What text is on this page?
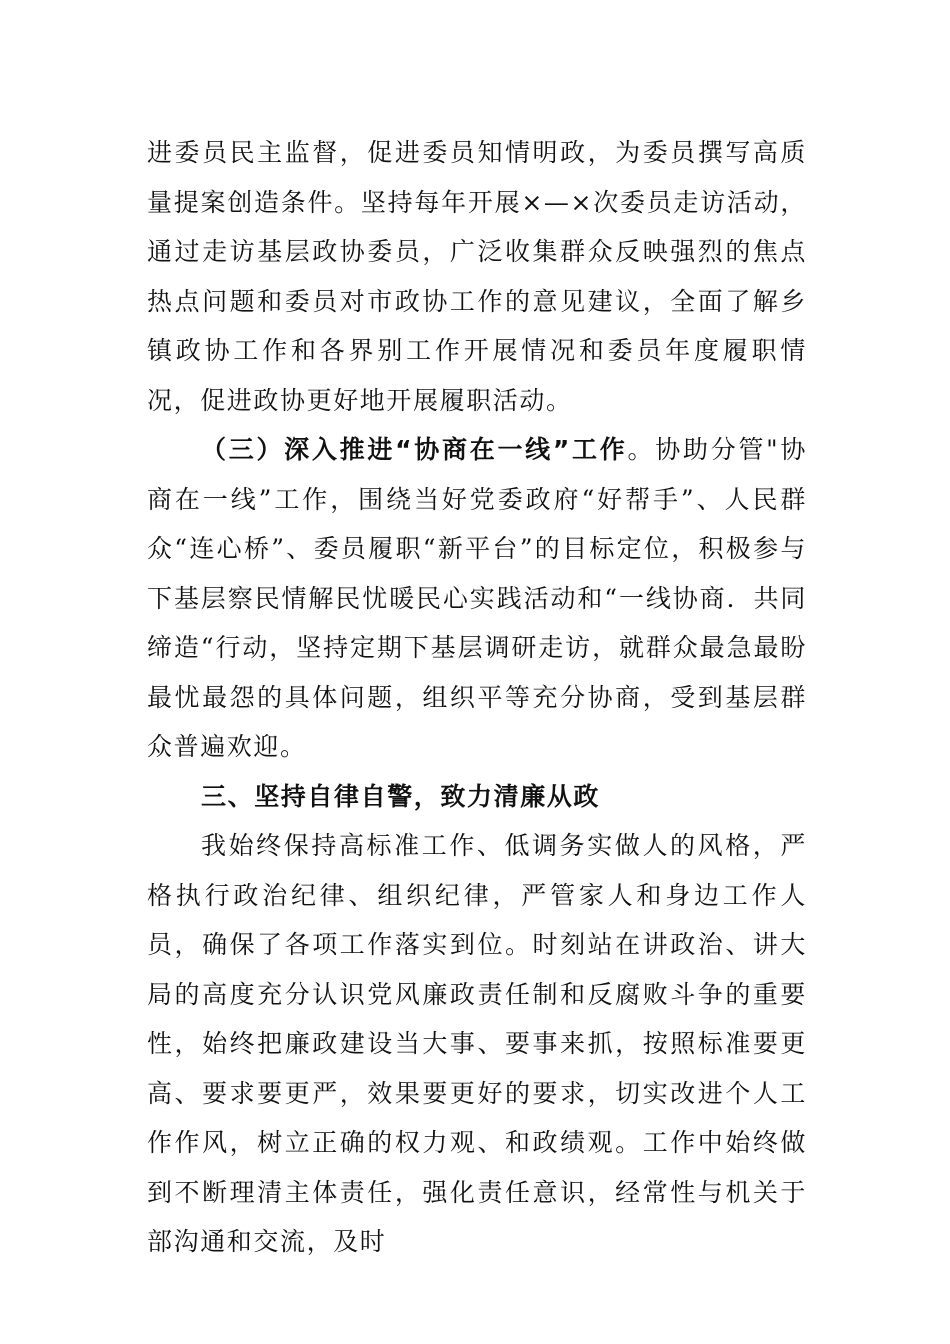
进委员民主监督，促进委员知情明政，为委员撰写高质量提案创造条件。坚持每年开展×—×次委员走访活动，通过走访基层政协委员，广泛收集群众反映强烈的焦点热点问题和委员对市政协工作的意见建议，全面了解乡镇政协工作和各界别工作开展情况和委员年度履职情况，促进政协更好地开展履职活动。

（三）深入推进“协商在一线”工作。协助分管"协商在一线”工作，围绕当好党委政府“好帮手”、人民群众“连心桥”、委员履职“新平台”的目标定位，积极参与下基层察民情解民忧暖民心实践活动和“一线协商．共同缔造“行动，坚持定期下基层调研走访，就群众最急最盼最忧最怨的具体问题，组织平等充分协商，受到基层群众普遍欢迎。

三、坚持自律自警，致力清廉从政

我始终保持高标准工作、低调务实做人的风格，严格执行政治纪律、组织纪律，严管家人和身边工作人员，确保了各项工作落实到位。时刻站在讲政治、讲大局的高度充分认识党风廉政责任制和反腐败斗争的重要性，始终把廉政建设当大事、要事来抓，按照标准要更高、要求要更严，效果要更好的要求，切实改进个人工作作风，树立正确的权力观、和政绩观。工作中始终做到不断理清主体责任，强化责任意识，经常性与机关于部沟通和交流，及时
